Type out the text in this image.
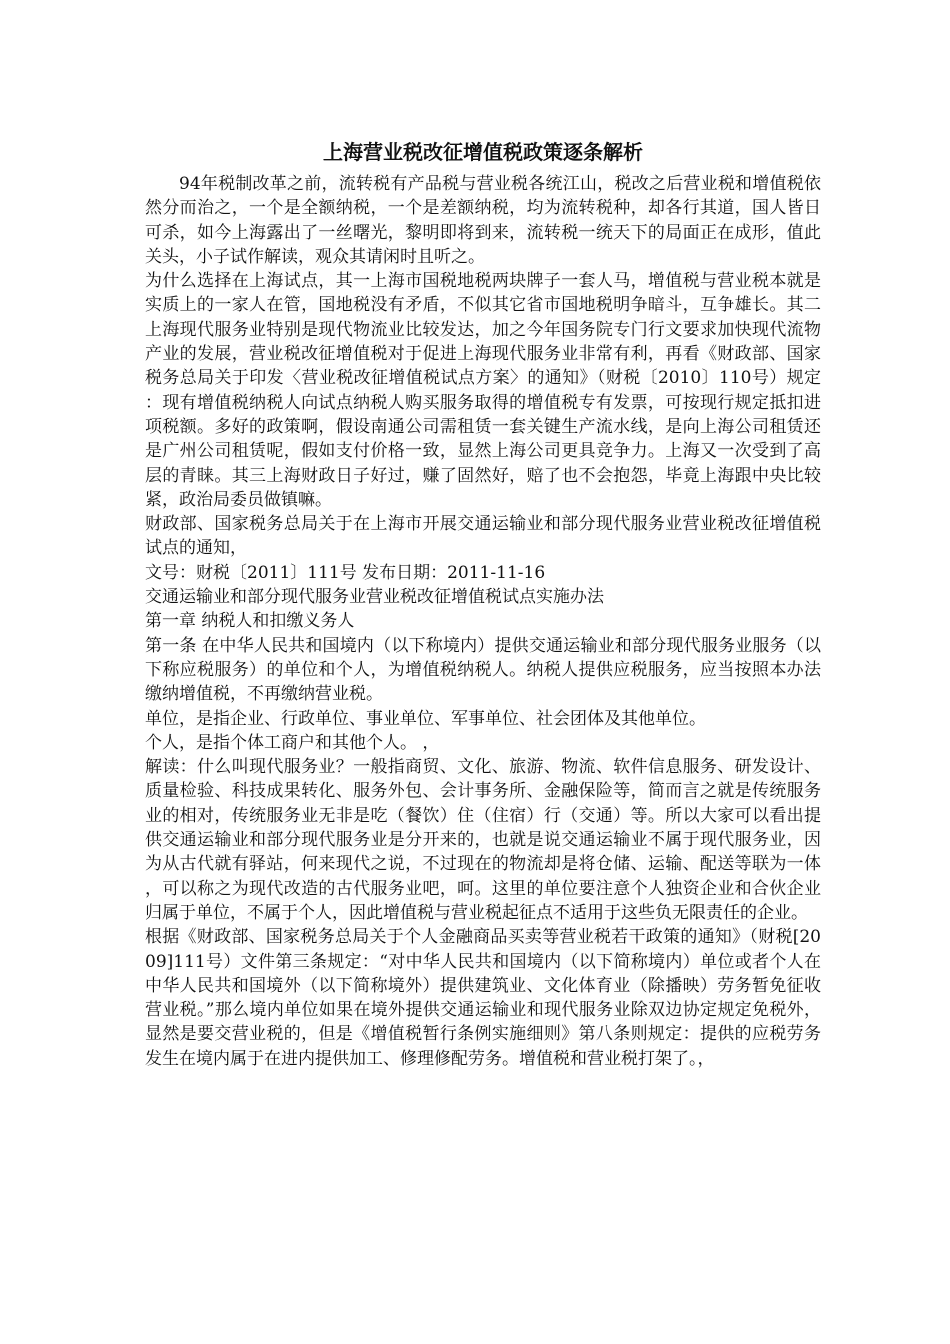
上海营业税改征增值税政策逐条解析

94年税制改革之前，流转税有产品税与营业税各统江山，税改之后营业税和增值税依然分而治之，一个是全额纳税，一个是差额纳税，均为流转税种，却各行其道，国人皆日可杀，如今上海露出了一丝曙光，黎明即将到来，流转税一统天下的局面正在成形，值此关头，小子试作解读，观众其请闲时且听之。

为什么选择在上海试点，其一上海市国税地税两块牌子一套人马，增值税与营业税本就是实质上的一家人在管，国地税没有矛盾，不似其它省市国地税明争暗斗，互争雄长。其二上海现代服务业特别是现代物流业比较发达，加之今年国务院专门行文要求加快现代流物产业的发展，营业税改征增值税对于促进上海现代服务业非常有利，再看《财政部、国家税务总局关于印发〈营业税改征增值税试点方案〉的通知》（财税〔2010〕110号）规定：现有增值税纳税人向试点纳税人购买服务取得的增值税专有发票，可按现行规定抵扣进项税额。多好的政策啊，假设南通公司需租赁一套关键生产流水线，是向上海公司租赁还是广州公司租赁呢，假如支付价格一致，显然上海公司更具竞争力。上海又一次受到了高层的青睐。其三上海财政日子好过，赚了固然好，赔了也不会抱怨，毕竟上海跟中央比较紧，政治局委员做镇嘛。

财政部、国家税务总局关于在上海市开展交通运输业和部分现代服务业营业税改征增值税试点的通知，

文号：财税〔2011〕111号 发布日期：2011-11-16

交通运输业和部分现代服务业营业税改征增值税试点实施办法

第一章 纳税人和扣缴义务人

第一条 在中华人民共和国境内（以下称境内）提供交通运输业和部分现代服务业服务（以下称应税服务）的单位和个人，为增值税纳税人。纳税人提供应税服务，应当按照本办法缴纳增值税，不再缴纳营业税。

单位，是指企业、行政单位、事业单位、军事单位、社会团体及其他单位。

个人，是指个体工商户和其他个人。 ，

解读：什么叫现代服务业？一般指商贸、文化、旅游、物流、软件信息服务、研发设计、质量检验、科技成果转化、服务外包、会计事务所、金融保险等，简而言之就是传统服务业的相对，传统服务业无非是吃（餐饮）住（住宿）行（交通）等。所以大家可以看出提供交通运输业和部分现代服务业是分开来的，也就是说交通运输业不属于现代服务业，因为从古代就有驿站，何来现代之说，不过现在的物流却是将仓储、运输、配送等联为一体，可以称之为现代改造的古代服务业吧，呵。这里的单位要注意个人独资企业和合伙企业归属于单位，不属于个人，因此增值税与营业税起征点不适用于这些负无限责任的企业。

根据《财政部、国家税务总局关于个人金融商品买卖等营业税若干政策的通知》（财税[2009]111号）文件第三条规定：“对中华人民共和国境内（以下简称境内）单位或者个人在中华人民共和国境外（以下简称境外）提供建筑业、文化体育业（除播映）劳务暂免征收营业税。”那么境内单位如果在境外提供交通运输业和现代服务业除双边协定规定免税外，显然是要交营业税的，但是《增值税暂行条例实施细则》第八条则规定：提供的应税劳务发生在境内属于在进内提供加工、修理修配劳务。增值税和营业税打架了。，
